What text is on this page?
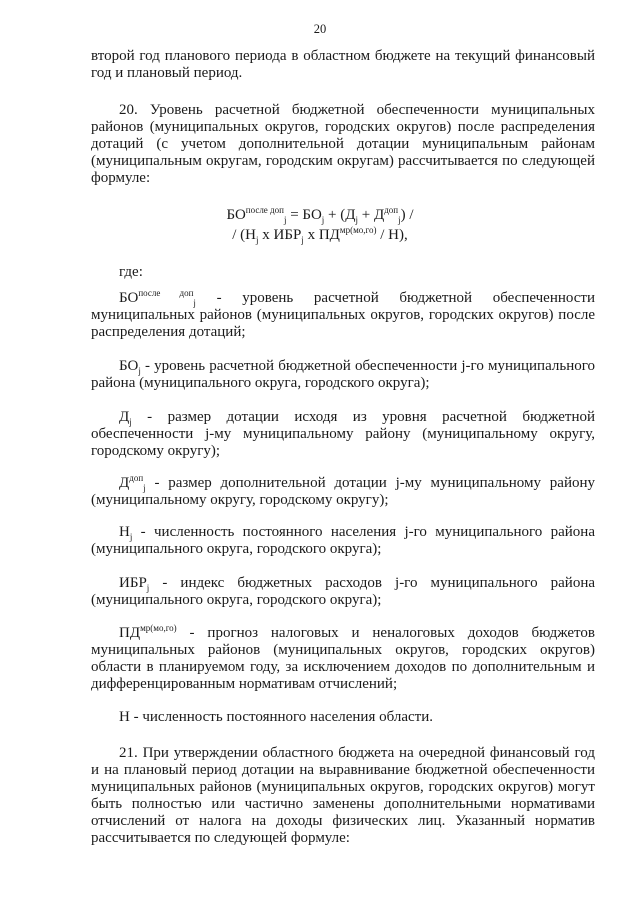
20

второй год планового периода в областном бюджете на текущий финансовый год и плановый период.

20. Уровень расчетной бюджетной обеспеченности муниципальных районов (муниципальных округов, городских округов) после распределения дотаций (с учетом дополнительной дотации муниципальным районам (муниципальным округам, городским округам) рассчитывается по следующей формуле:

$БО^{после доп}_j = БО_j + (Д_j + Д^{доп}_j)$ /
/ ($Н_j$ х $ИБР_j$ х $ПД^{мр(мо,го)} / Н$),

где:

$БО^{после доп}_j$ - уровень расчетной бюджетной обеспеченности муниципальных районов (муниципальных округов, городских округов) после распределения дотаций;

$БО_j$ - уровень расчетной бюджетной обеспеченности j-го муниципального района (муниципального округа, городского округа);

$Д_j$ - размер дотации исходя из уровня расчетной бюджетной обеспеченности j-му муниципальному району (муниципальному округу, городскому округу);

$Д^{доп}_j$ - размер дополнительной дотации j-му муниципальному району (муниципальному округу, городскому округу);

$Н_j$ - численность постоянного населения j-го муниципального района (муниципального округа, городского округа);

$ИБР_j$ - индекс бюджетных расходов j-го муниципального района (муниципального округа, городского округа);

$ПД^{мр(мо,го)}$ - прогноз налоговых и неналоговых доходов бюджетов муниципальных районов (муниципальных округов, городских округов) области в планируемом году, за исключением доходов по дополнительным и дифференцированным нормативам отчислений;

Н - численность постоянного населения области.

21. При утверждении областного бюджета на очередной финансовый год и на плановый период дотации на выравнивание бюджетной обеспеченности муниципальных районов (муниципальных округов, городских округов) могут быть полностью или частично заменены дополнительными нормативами отчислений от налога на доходы физических лиц. Указанный норматив рассчитывается по следующей формуле:
